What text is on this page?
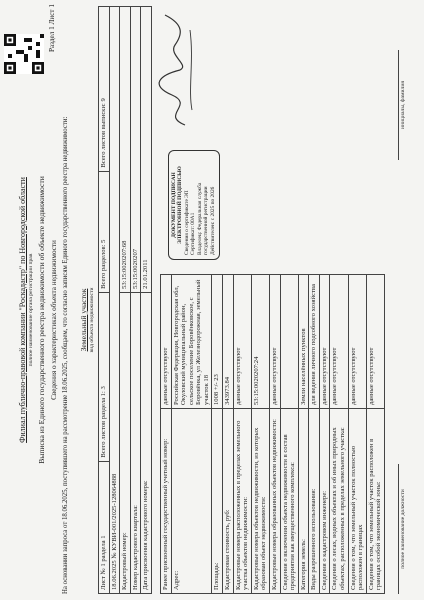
Раздел 1 Лист 1
Филиал публично-правовой компании "Роскадастр" по Новгородской области полное наименование органа регистрации прав Выписка из Единого государственного реестра недвижимости об объекте недвижимости Сведения о характеристиках объекта недвижимости На основании запроса от 18.06.2025, поступившего на рассмотрение 18.06.2025, сообщаем, что согласно записям Единого государственного реестра недвижимости: Земельный участок вид объекта недвижимости
Лист № 1 раздела 1	Всего листов раздела 1: 3	Всего разделов: 5	Всего листов выписки: 9
18.06.2025 № КУВИ-001/2025-128064888			
Кадастровый номер:		53:15:0020207:68	
Номер кадастрового квартала:		53:15:0020207	
Дата присвоения кадастрового номера:		21.01.2011	
Ранее присвоенный государственный учетный номер:	данные отсутствуют
Адрес:	Российская Федерация, Новгородская обл, Окуловский муниципальный район, сельское поселение Боровёнковское, с Боровёнка, ул Железнодорожная, земельный участок 18
Площадь:	1008 +/- 23
Кадастровая стоимость, руб:	343973.84
Кадастровые номера расположенных в пределах земельного участка объектов недвижимости:	данные отсутствуют
Кадастровые номера объектов недвижимости, из которых образован объект недвижимости:	53:15:0020207:24
Кадастровые номера образованных объектов недвижимости:	данные отсутствуют
Сведения о включении объекта недвижимости в состав предприятия как имущественного комплекса:	
Категория земель:	Земли населённых пунктов
Виды разрешенного использования:	для ведения личного подсобного хозяйства
Сведения о кадастровом инженере:	данные отсутствуют
Сведения о лесах, водных объектах и об иных природных объектах, расположенных в пределах земельного участка:	данные отсутствуют
Сведения о том, что земельный участок полностью расположен в границах	данные отсутствуют
Сведения о том, что земельный участок расположен в границах особой экономической зоны:	данные отсутствуют
ДОКУМЕНТ ПОДПИСАН ЭЛЕКТРОННОЙ ПОДПИСЬЮ Сведения о сертификате ЭП Сертификат: 00A1 Владелец: Федеральная служба государственной регистрации Действителен: с 2025 по 2026
полное наименование должности
инициалы, фамилия
